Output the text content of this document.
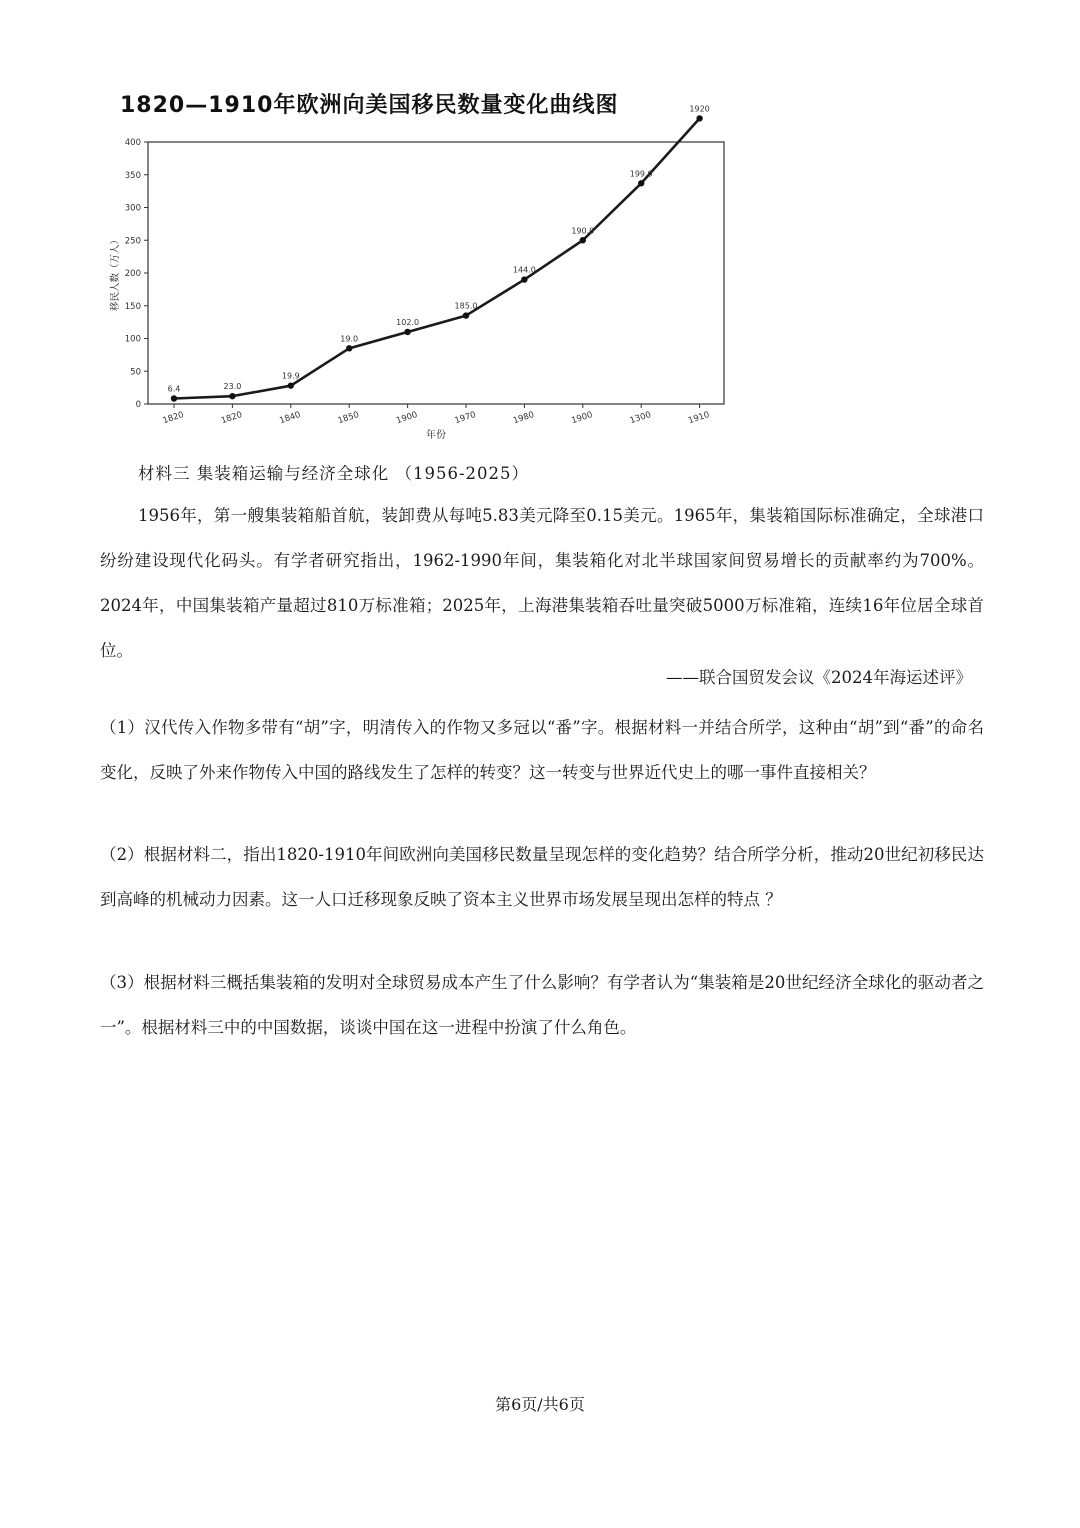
1820—1910年欧洲向美国移民数量变化曲线图
0
50
100
150
200
250
300
350
400
1820	1820	1840	1850	1900	1970	1980	1900	1300	1910
年份
移民人数（万人）
6.4	23.0
19.9
19.0
102.0
185.0
144.0
190.0
199.0
1920
材料三 集装箱运输与经济全球化 （1956-2025）
1956年，第一艘集装箱船首航，装卸费从每吨5.83美元降至0.15美元。1965年，集装箱国际标准确定，全球港口纷纷建设现代化码头。有学者研究指出，1962-1990年间，集装箱化对北半球国家间贸易增长的贡献率约为700%。2024年，中国集装箱产量超过810万标准箱；2025年，上海港集装箱吞吐量突破5000万标准箱，连续16年位居全球首位。
——联合国贸发会议《2024年海运述评》
（1）汉代传入作物多带有“胡”字，明清传入的作物又多冠以“番”字。根据材料一并结合所学，这种由“胡”到“番”的命名变化，反映了外来作物传入中国的路线发生了怎样的转变？这一转变与世界近代史上的哪一事件直接相关？
（2）根据材料二，指出1820-1910年间欧洲向美国移民数量呈现怎样的变化趋势？结合所学分析，推动20世纪初移民达到高峰的机械动力因素。这一人口迁移现象反映了资本主义世界市场发展呈现出怎样的特点 ？
（3）根据材料三概括集装箱的发明对全球贸易成本产生了什么影响？有学者认为“集装箱是20世纪经济全球化的驱动者之一”。根据材料三中的中国数据，谈谈中国在这一进程中扮演了什么角色。
第6页/共6页
